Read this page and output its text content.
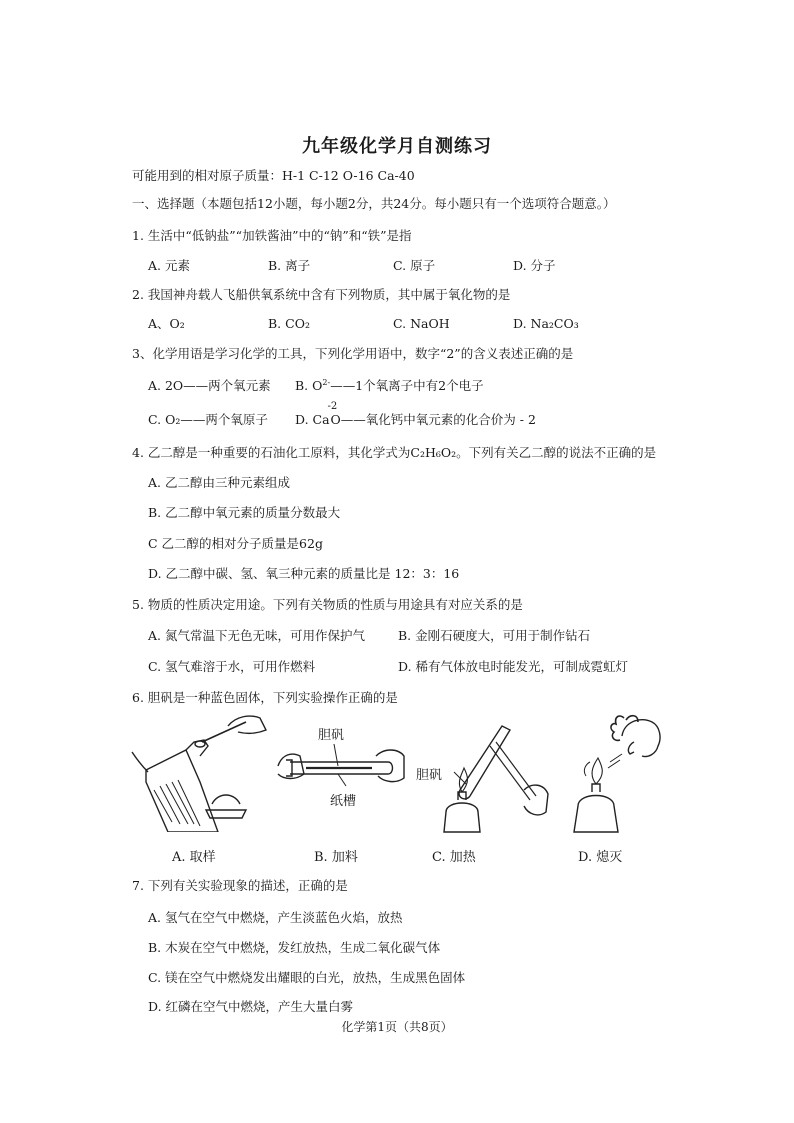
九年级化学月自测练习
可能用到的相对原子质量：H-1 C-12 O-16 Ca-40
一、选择题（本题包括12小题，每小题2分，共24分。每小题只有一个选项符合题意。）
1. 生活中“低钠盐”“加铁酱油”中的“钠”和“铁”是指
A. 元素	B. 离子	C. 原子	D. 分子
2. 我国神舟载人飞船供氧系统中含有下列物质，其中属于氧化物的是
A、O₂	B. CO₂	C. NaOH	D. Na₂CO₃
3、化学用语是学习化学的工具，下列化学用语中，数字“2”的含义表述正确的是
A. 2O——两个氧元素 B. $O^{2-}——1$个氧离子中有2个电子
C. O₂——两个氧原子 D. Ca
-2
O——氧化钙中氧元素的化合价为 - 2
4. 乙二醇是一种重要的石油化工原料，其化学式为C₂H₆O₂。下列有关乙二醇的说法不正确的是
A. 乙二醇由三种元素组成
B. 乙二醇中氧元素的质量分数最大
C 乙二醇的相对分子质量是62g
D. 乙二醇中碳、氢、氧三种元素的质量比是 12：3：16
5. 物质的性质决定用途。下列有关物质的性质与用途具有对应关系的是
A. 氮气常温下无色无味，可用作保护气	B. 金刚石硬度大，可用于制作钻石
C. 氢气难溶于水，可用作燃料	D. 稀有气体放电时能发光，可制成霓虹灯
6. 胆矾是一种蓝色固体，下列实验操作正确的是
A. 取样
胆矾
纸槽
B. 加料
胆矾
C. 加热	D. 熄灭
7. 下列有关实验现象的描述，正确的是
A. 氢气在空气中燃烧，产生淡蓝色火焰，放热
B. 木炭在空气中燃烧，发红放热，生成二氧化碳气体
C. 镁在空气中燃烧发出耀眼的白光，放热，生成黑色固体
D. 红磷在空气中燃烧，产生大量白雾
化学第1页（共8页）
